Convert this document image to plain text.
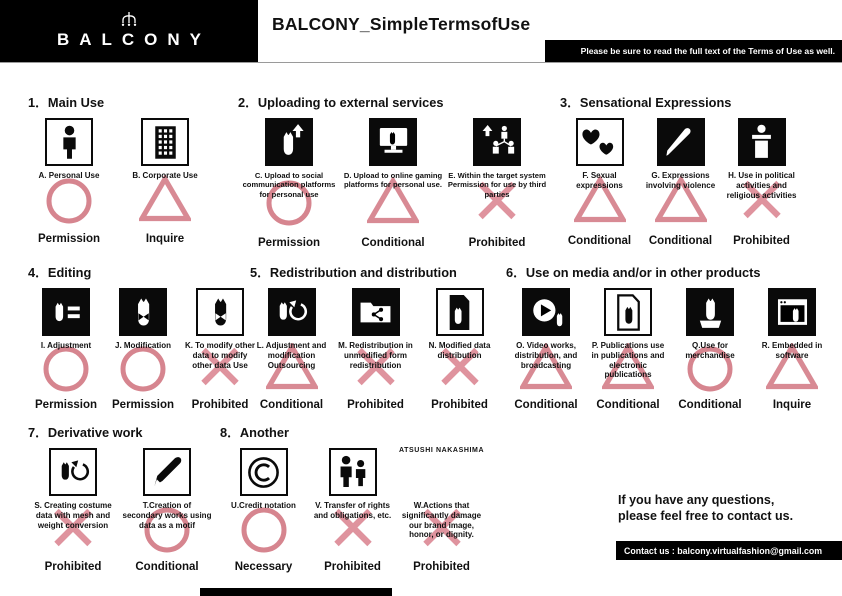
BALCONY
BALCONY_SimpleTermsofUse
Please be sure to read the full text of the Terms of Use as well.
1．Main Use
A. Personal Use
Permission
B. Corporate Use
Inquire
2．Uploading to external services
C. Upload to social communication platforms for personal use
Permission
D. Upload to online gaming platforms for personal use.
Conditional
E. Within the target system Permission for use by third parties
Prohibited
3．Sensational Expressions
F. Sexual expressions
Conditional
G. Expressions involving violence
Conditional
H. Use in political activities and religious activities
Prohibited
4．Editing
I. Adjustment
Permission
J. Modification
Permission
K. To modify other data to modify other data Use
Prohibited
5．Redistribution and distribution
L. Adjustment and modification Outsourcing
Conditional
M. Redistribution in unmodified form redistribution
Prohibited
N. Modified data distribution
Prohibited
6．Use on media and/or in other products
O. Video works, distribution, and broadcasting
Conditional
P. Publications use in publications and electronic publications
Conditional
Q.Use for merchandise
Conditional
R. Embedded in software
Inquire
7．Derivative work
S. Creating costume data with mesh and weight conversion
Prohibited
T.Creation of secondary works using data as a motif
Conditional
8．Another
U.Credit notation
Necessary
V. Transfer of rights and obligations, etc.
Prohibited
W.Actions that significantly damage our brand image, honor, or dignity.
Prohibited
ATSUSHI NAKASHIMA
If you have any questions,
please feel free to contact us.
Contact us : balcony.virtualfashion@gmail.com
